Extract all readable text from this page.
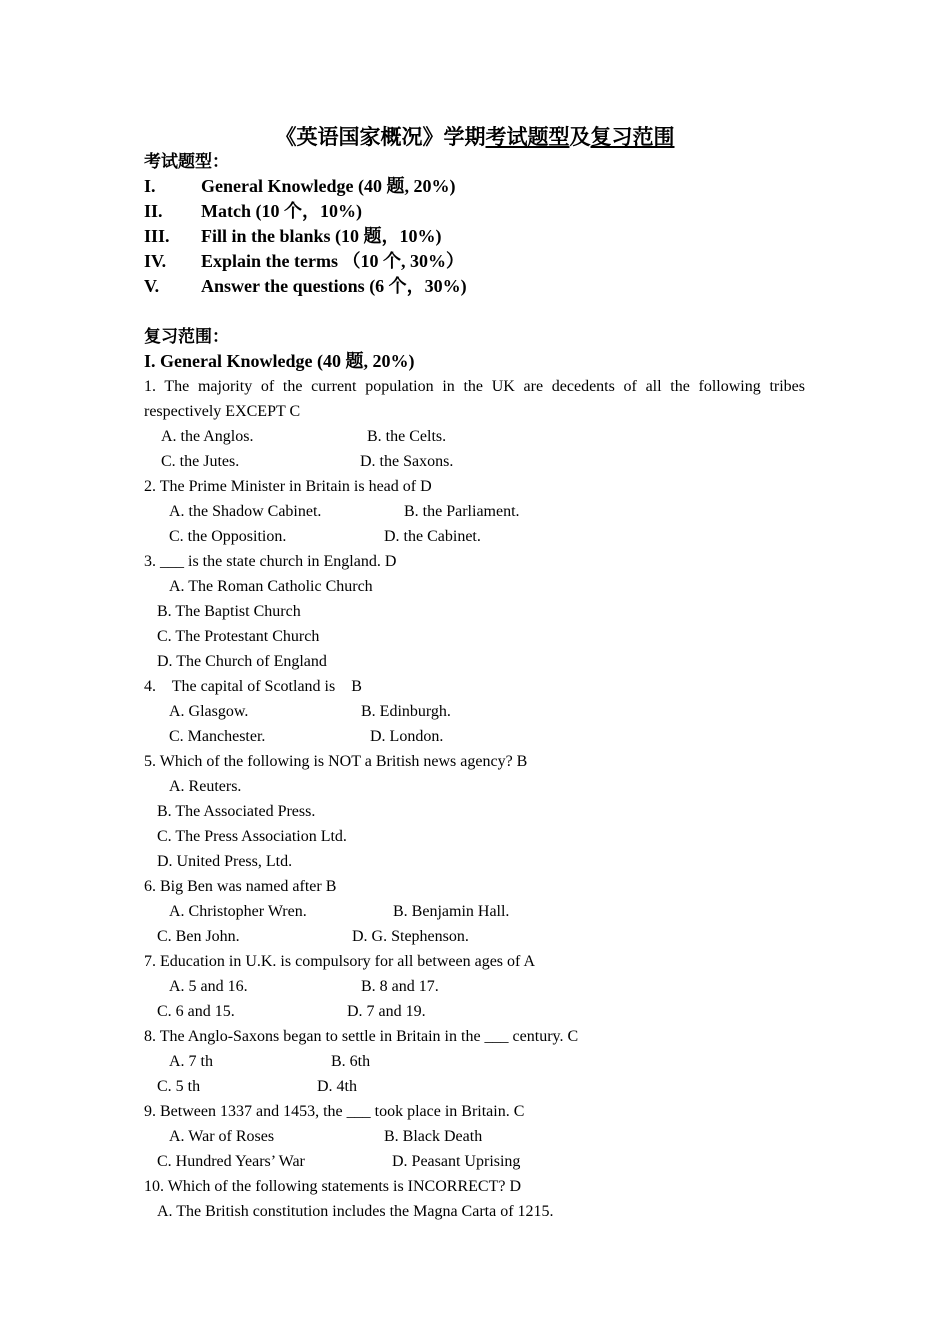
《英语国家概况》学期考试题型及复习范围
考试题型：
I.	General Knowledge (40 题, 20%)
II. Match (10 个，10%)
III. Fill in the blanks (10 题，10%)
IV. Explain the terms （10 个, 30%）
V. Answer the questions (6 个，30%)
复习范围：
I. General Knowledge (40 题, 20%)
1. The majority of the current population in the UK are decedents of all the following tribes
respectively EXCEPT C
A. the Anglos.	B. the Celts.
C. the Jutes.	D. the Saxons.
2. The Prime Minister in Britain is head of D
A. the Shadow Cabinet.	B. the Parliament.
C. the Opposition.	D. the Cabinet.
3. ___ is the state church in England. D
A. The Roman Catholic Church
B. The Baptist Church
C. The Protestant Church
D. The Church of England
4.    The capital of Scotland is    B
A. Glasgow.	B. Edinburgh.
C. Manchester.	D. London.
5. Which of the following is NOT a British news agency? B
A. Reuters.
B. The Associated Press.
C. The Press Association Ltd.
D. United Press, Ltd.
6. Big Ben was named after B
A. Christopher Wren.	B. Benjamin Hall.
C. Ben John.	D. G. Stephenson.
7. Education in U.K. is compulsory for all between ages of A
A. 5 and 16.	B. 8 and 17.
C. 6 and 15.	D. 7 and 19.
8. The Anglo-Saxons began to settle in Britain in the ___ century. C
A. 7 th	B. 6th
C. 5 th	D. 4th
9. Between 1337 and 1453, the ___ took place in Britain. C
A. War of Roses	B. Black Death
C. Hundred Years’ War	D. Peasant Uprising
10. Which of the following statements is INCORRECT? D
A. The British constitution includes the Magna Carta of 1215.
